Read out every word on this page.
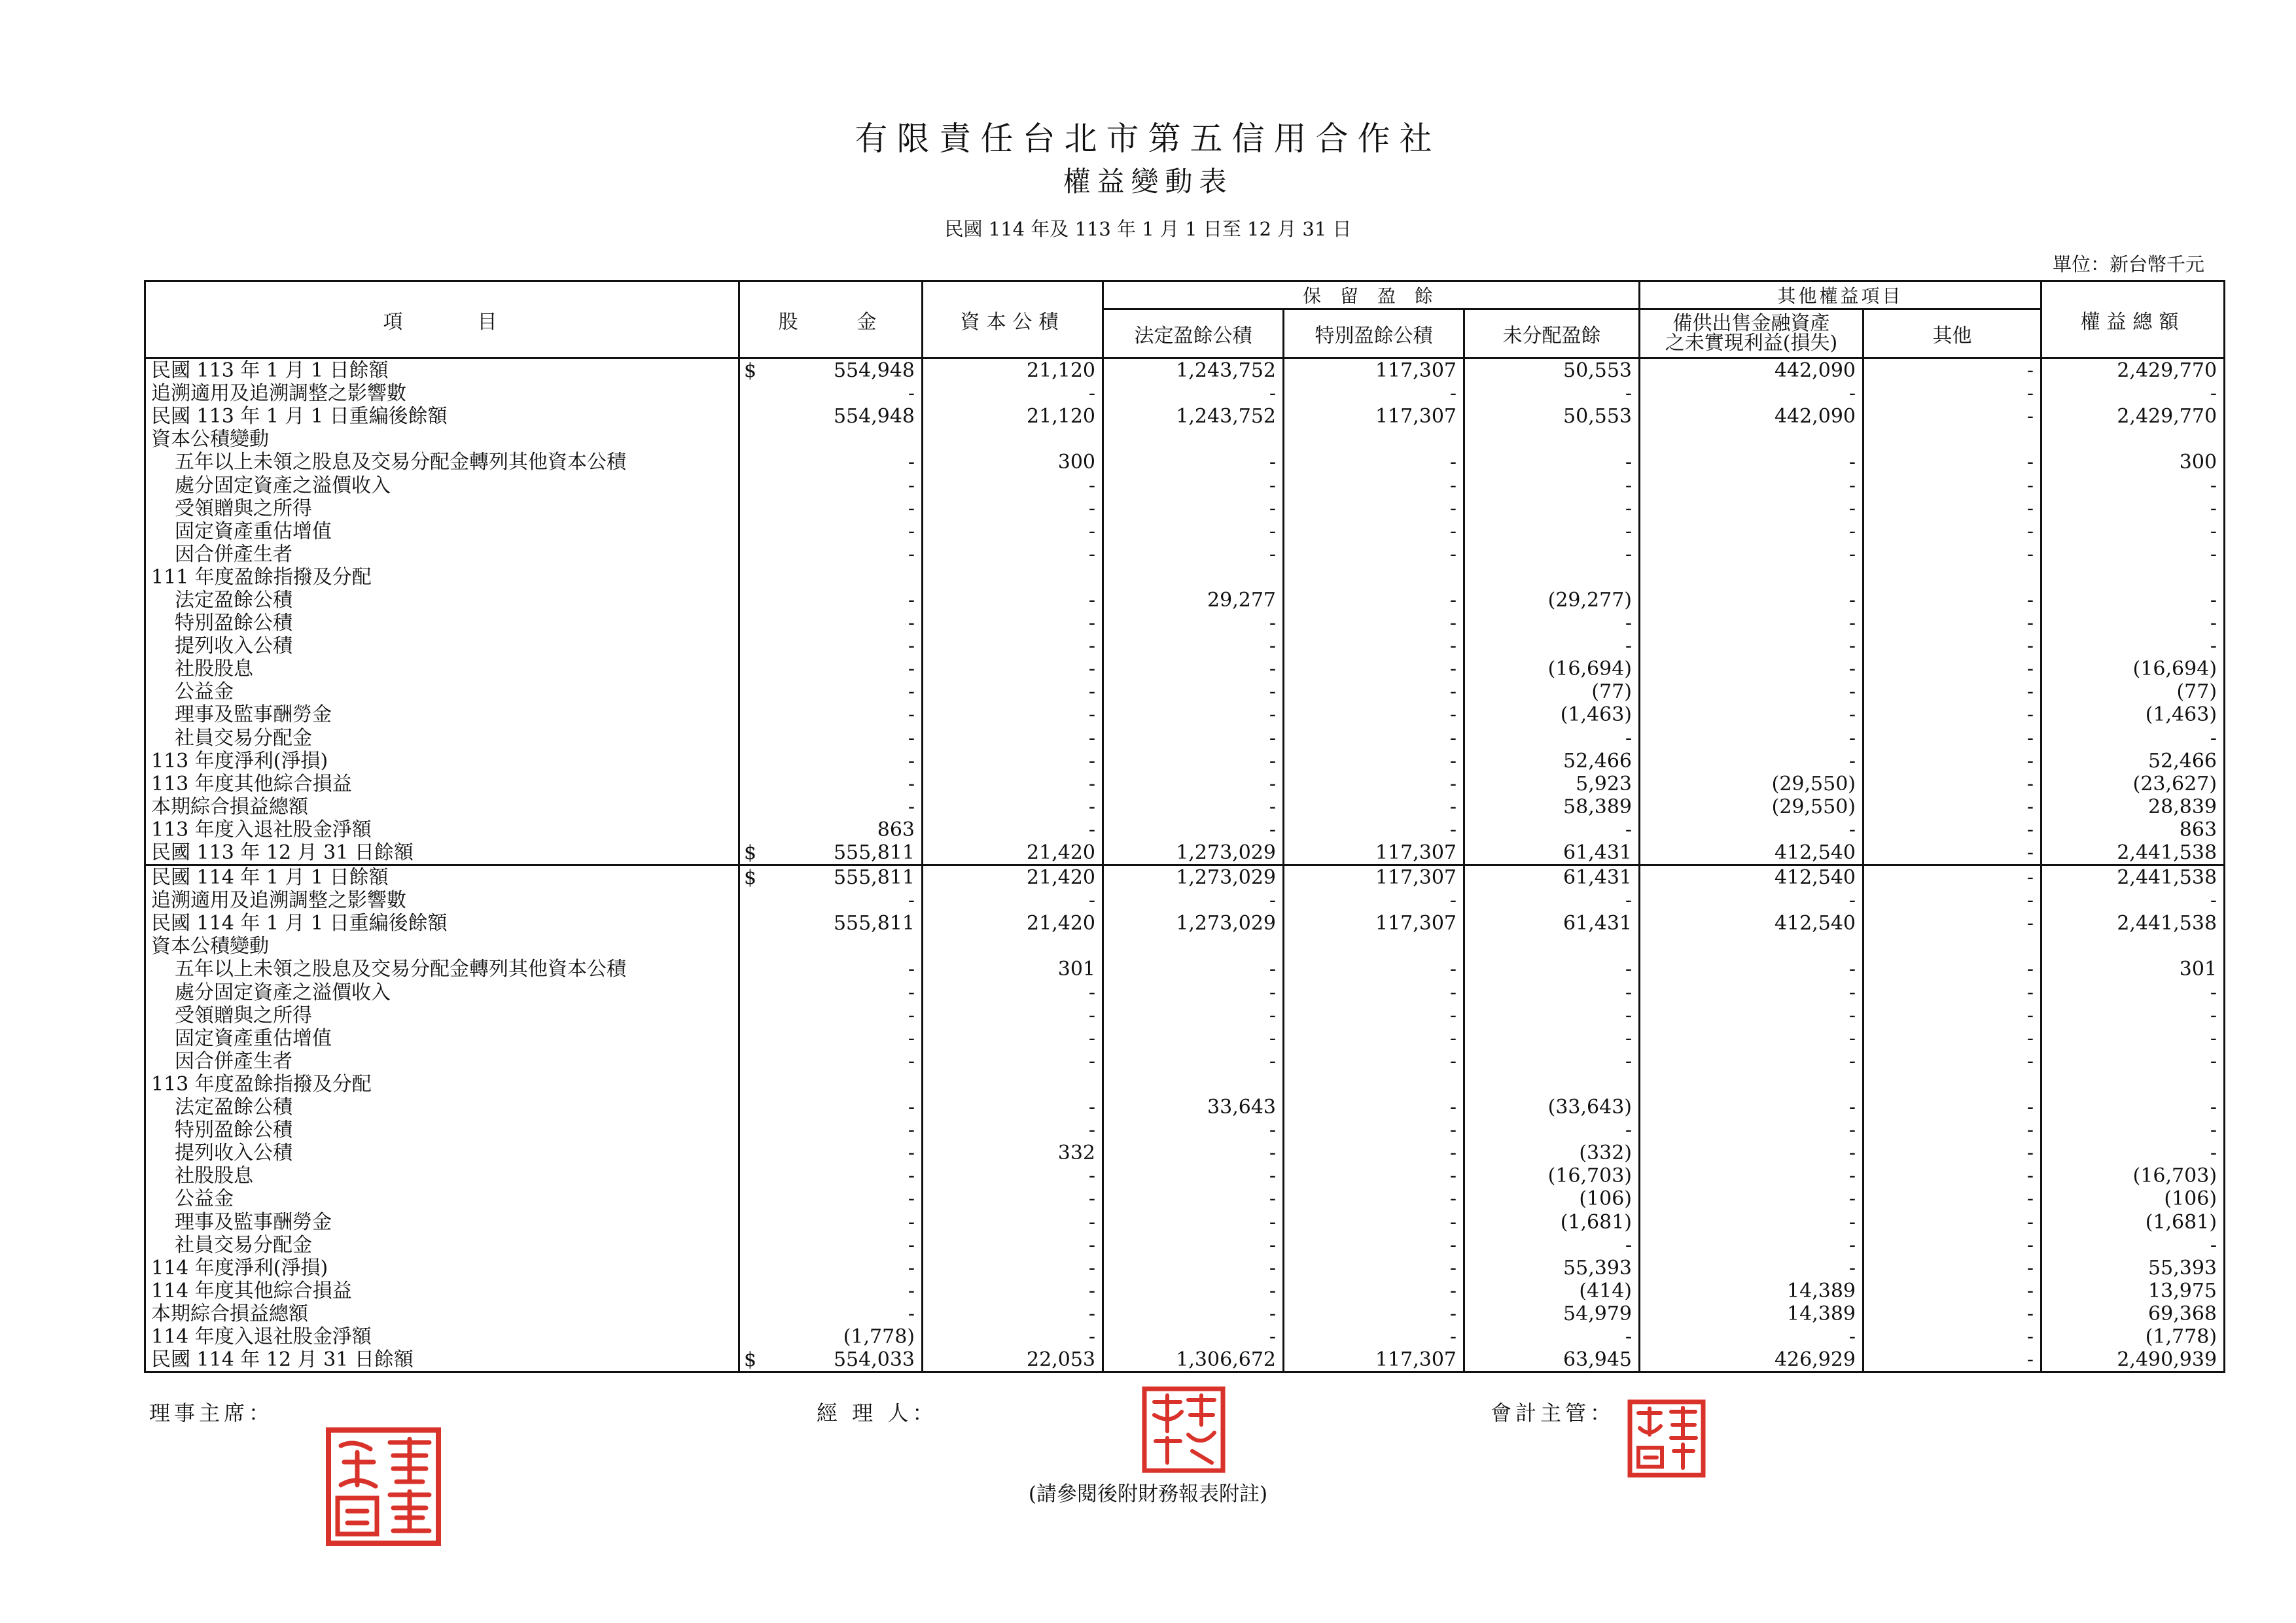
有限責任台北市第五信用合作社
權益變動表
民國 114 年及 113 年 1 月 1 日至 12 月 31 日
單位：新台幣千元
項　　　目	股　　金	資本公積	保 留 盈 餘			其他權益項目		權益總額
			法定盈餘公積	特別盈餘公積	未分配盈餘	備供出售金融資產
之未實現利益(損失)	其他	
民國 113 年 1 月 1 日餘額	$ 554,948	21,120	1,243,752	117,307	50,553	442,090	-	2,429,770
追溯適用及追溯調整之影響數	-	-	-	-	-	-	-	-
民國 113 年 1 月 1 日重編後餘額	554,948	21,120	1,243,752	117,307	50,553	442,090	-	2,429,770
資本公積變動								
五年以上未領之股息及交易分配金轉列其他資本公積	-	300	-	-	-	-	-	300
處分固定資產之溢價收入	-	-	-	-	-	-	-	-
受領贈與之所得	-	-	-	-	-	-	-	-
固定資產重估增值	-	-	-	-	-	-	-	-
因合併產生者	-	-	-	-	-	-	-	-
111 年度盈餘指撥及分配								
法定盈餘公積	-	-	29,277	-	(29,277)	-	-	-
特別盈餘公積	-	-	-	-	-	-	-	-
提列收入公積	-	-	-	-	-	-	-	-
社股股息	-	-	-	-	(16,694)	-	-	(16,694)
公益金	-	-	-	-	(77)	-	-	(77)
理事及監事酬勞金	-	-	-	-	(1,463)	-	-	(1,463)
社員交易分配金	-	-	-	-	-	-	-	-
113 年度淨利(淨損)	-	-	-	-	52,466	-	-	52,466
113 年度其他綜合損益	-	-	-	-	5,923	(29,550)	-	(23,627)
本期綜合損益總額	-	-	-	-	58,389	(29,550)	-	28,839
113 年度入退社股金淨額	863	-	-	-	-	-	-	863
民國 113 年 12 月 31 日餘額	$ 555,811	21,420	1,273,029	117,307	61,431	412,540	-	2,441,538
民國 114 年 1 月 1 日餘額	$ 555,811	21,420	1,273,029	117,307	61,431	412,540	-	2,441,538
追溯適用及追溯調整之影響數	-	-	-	-	-	-	-	-
民國 114 年 1 月 1 日重編後餘額	555,811	21,420	1,273,029	117,307	61,431	412,540	-	2,441,538
資本公積變動								
五年以上未領之股息及交易分配金轉列其他資本公積	-	301	-	-	-	-	-	301
處分固定資產之溢價收入	-	-	-	-	-	-	-	-
受領贈與之所得	-	-	-	-	-	-	-	-
固定資產重估增值	-	-	-	-	-	-	-	-
因合併產生者	-	-	-	-	-	-	-	-
113 年度盈餘指撥及分配								
法定盈餘公積	-	-	33,643	-	(33,643)	-	-	-
特別盈餘公積	-	-	-	-	-	-	-	-
提列收入公積	-	332	-	-	(332)	-	-	-
社股股息	-	-	-	-	(16,703)	-	-	(16,703)
公益金	-	-	-	-	(106)	-	-	(106)
理事及監事酬勞金	-	-	-	-	(1,681)	-	-	(1,681)
社員交易分配金	-	-	-	-	-	-	-	-
114 年度淨利(淨損)	-	-	-	-	55,393	-	-	55,393
114 年度其他綜合損益	-	-	-	-	(414)	14,389	-	13,975
本期綜合損益總額	-	-	-	-	54,979	14,389	-	69,368
114 年度入退社股金淨額	(1,778)	-	-	-	-	-	-	(1,778)
民國 114 年 12 月 31 日餘額	$ 554,033	22,053	1,306,672	117,307	63,945	426,929	-	2,490,939
理事主席：	經 理 人：	會計主管：
(請參閱後附財務報表附註)
